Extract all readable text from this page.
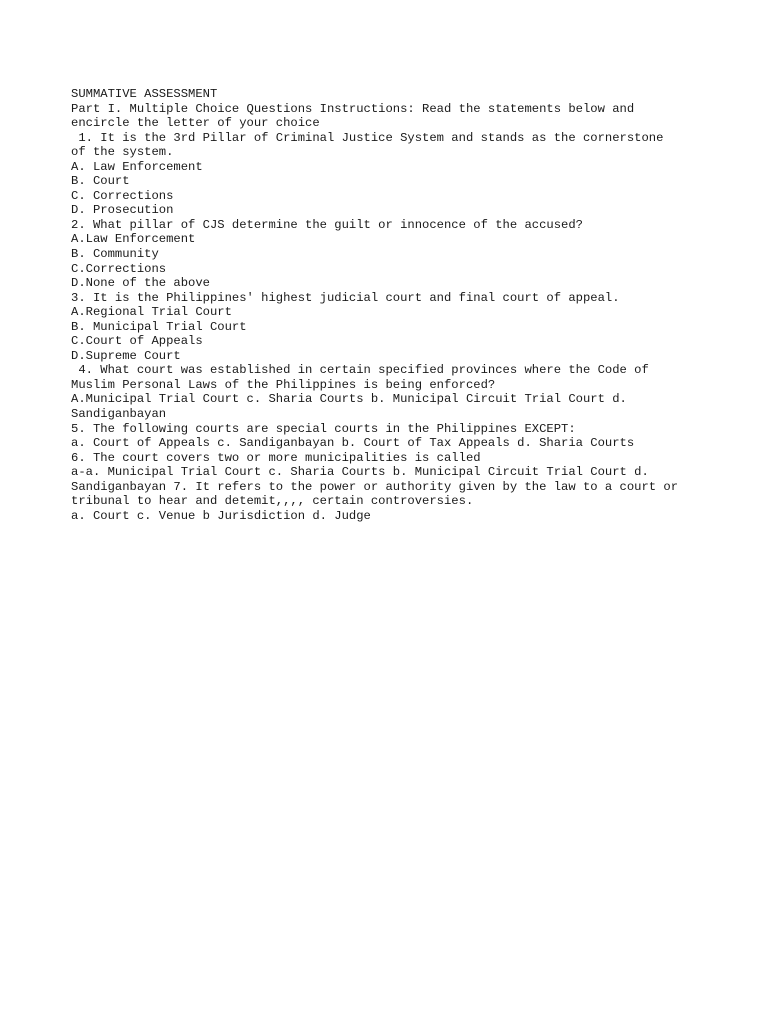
SUMMATIVE ASSESSMENT
Part I. Multiple Choice Questions Instructions: Read the statements below and
encircle the letter of your choice
1. It is the 3rd Pillar of Criminal Justice System and stands as the cornerstone
of the system.
A. Law Enforcement
B. Court
C. Corrections
D. Prosecution
2. What pillar of CJS determine the guilt or innocence of the accused?
A.Law Enforcement
B. Community
C.Corrections
D.None of the above
3. It is the Philippines' highest judicial court and final court of appeal.
A.Regional Trial Court
B. Municipal Trial Court
C.Court of Appeals
D.Supreme Court
4. What court was established in certain specified provinces where the Code of
Muslim Personal Laws of the Philippines is being enforced?
A.Municipal Trial Court c. Sharia Courts b. Municipal Circuit Trial Court d.
Sandiganbayan
5. The following courts are special courts in the Philippines EXCEPT:
a. Court of Appeals c. Sandiganbayan b. Court of Tax Appeals d. Sharia Courts
6. The court covers two or more municipalities is called
a-a. Municipal Trial Court c. Sharia Courts b. Municipal Circuit Trial Court d.
Sandiganbayan 7. It refers to the power or authority given by the law to a court or
tribunal to hear and detemit,,,, certain controversies.
a. Court c. Venue b Jurisdiction d. Judge
